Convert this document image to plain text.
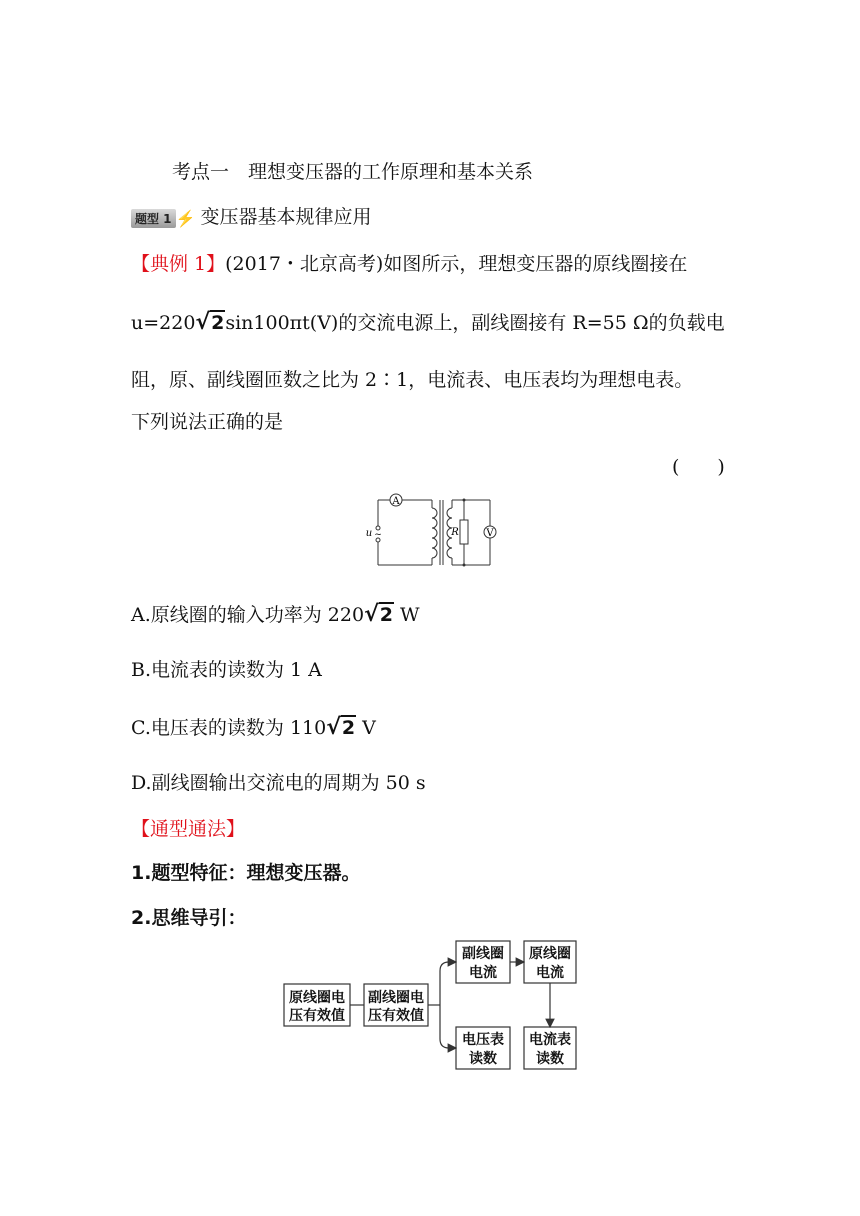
考点一　理想变压器的工作原理和基本关系
题型 1 ⚡ 变压器基本规律应用
【典例 1】(2017・北京高考)如图所示，理想变压器的原线圈接在
u=220√2sin100πt(V)的交流电源上，副线圈接有 R=55 Ω的负载电
阻，原、副线圈匝数之比为 2∶1，电流表、电压表均为理想电表。
下列说法正确的是
(　　)
A
V
R
u ~
A.原线圈的输入功率为 220√2 W
B.电流表的读数为 1 A
C.电压表的读数为 110√2 V
D.副线圈输出交流电的周期为 50 s
【通型通法】
1.题型特征：理想变压器。
2.思维导引：
原线圈电
压有效值
副线圈电
压有效值
副线圈
电流
原线圈
电流
电压表
读数
电流表
读数
